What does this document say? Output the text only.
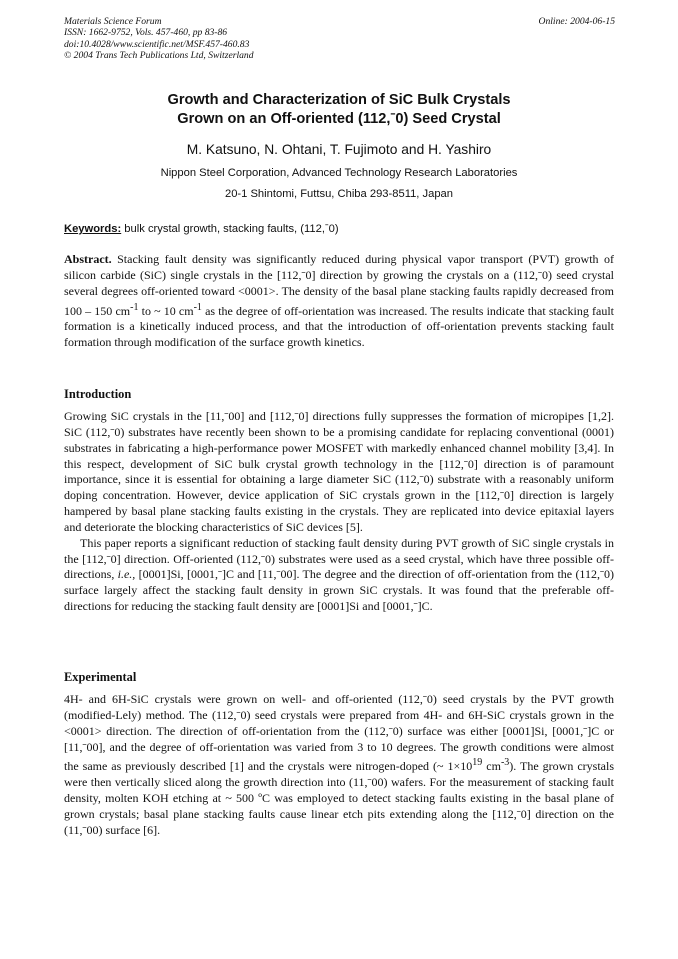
Materials Science Forum
ISSN: 1662-9752, Vols. 457-460, pp 83-86
doi:10.4028/www.scientific.net/MSF.457-460.83
© 2004 Trans Tech Publications Ltd, Switzerland
Online: 2004-06-15
Growth and Characterization of SiC Bulk Crystals
Grown on an Off-oriented (112,ˉ0) Seed Crystal
M. Katsuno, N. Ohtani, T. Fujimoto and H. Yashiro
Nippon Steel Corporation, Advanced Technology Research Laboratories
20-1 Shintomi, Futtsu, Chiba 293-8511, Japan
Keywords: bulk crystal growth, stacking faults, (112,ˉ0)

Abstract. Stacking fault density was significantly reduced during physical vapor transport (PVT) growth of silicon carbide (SiC) single crystals in the [112,ˉ0] direction by growing the crystals on a (112,ˉ0) seed crystal several degrees off-oriented toward <0001>. The density of the basal plane stacking faults rapidly decreased from 100 – 150 $cm^{-1}$ to ~ 10 $cm^{-1}$ as the degree of off-orientation was increased. The results indicate that stacking fault formation is a kinetically induced process, and that the introduction of off-orientation prevents stacking fault formation through modification of the surface growth kinetics.

Introduction

Growing SiC crystals in the [11,ˉ00] and [112,ˉ0] directions fully suppresses the formation of micropipes [1,2]. SiC (112,ˉ0) substrates have recently been shown to be a promising candidate for replacing conventional (0001) substrates in fabricating a high-performance power MOSFET with markedly enhanced channel mobility [3,4]. In this respect, development of SiC bulk crystal growth technology in the [112,ˉ0] direction is of paramount importance, since it is essential for obtaining a large diameter SiC (112,ˉ0) substrate with a reasonably uniform doping concentration. However, device application of SiC crystals grown in the [112,ˉ0] direction is largely hampered by basal plane stacking faults existing in the crystals. They are replicated into device epitaxial layers and deteriorate the blocking characteristics of SiC devices [5].

This paper reports a significant reduction of stacking fault density during PVT growth of SiC single crystals in the [112,ˉ0] direction. Off-oriented (112,ˉ0) substrates were used as a seed crystal, which have three possible off-directions, i.e., [0001]Si, [0001,ˉ]C and [11,ˉ00]. The degree and the direction of off-orientation from the (112,ˉ0) surface largely affect the stacking fault density in grown SiC crystals. It was found that the preferable off-directions for reducing the stacking fault density are [0001]Si and [0001,ˉ]C.

Experimental

4H- and 6H-SiC crystals were grown on well- and off-oriented (112,ˉ0) seed crystals by the PVT growth (modified-Lely) method. The (112,ˉ0) seed crystals were prepared from 4H- and 6H-SiC crystals grown in the <0001> direction. The direction of off-orientation from the (112,ˉ0) surface was either [0001]Si, [0001,ˉ]C or [11,ˉ00], and the degree of off-orientation was varied from 3 to 10 degrees. The growth conditions were almost the same as previously described [1] and the crystals were nitrogen-doped (~ $1\times 10^{19}$ $cm^{-3}$). The grown crystals were then vertically sliced along the growth direction into (11,ˉ00) wafers. For the measurement of stacking fault density, molten KOH etching at ~ 500 ºC was employed to detect stacking faults existing in the basal plane of grown crystals; basal plane stacking faults cause linear etch pits extending along the [112,ˉ0] direction on the (11,ˉ00) surface [6].
